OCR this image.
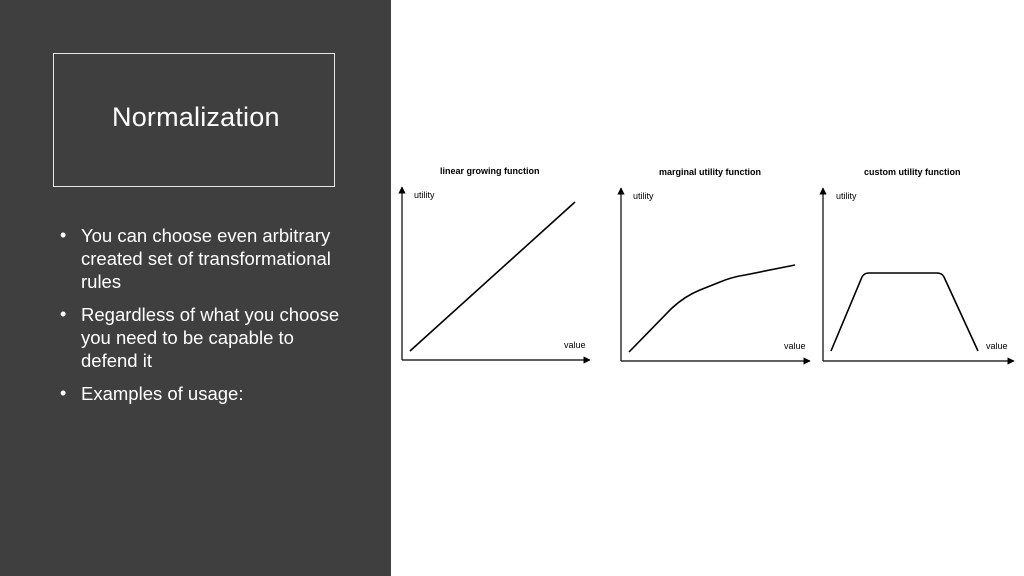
Normalization
• You can choose even arbitrary created set of transformational rules
• Regardless of what you choose you need to be capable to defend it
• Examples of usage:
linear growing function
utility
value
marginal utility function
utility
value
custom utility function
utility
value
